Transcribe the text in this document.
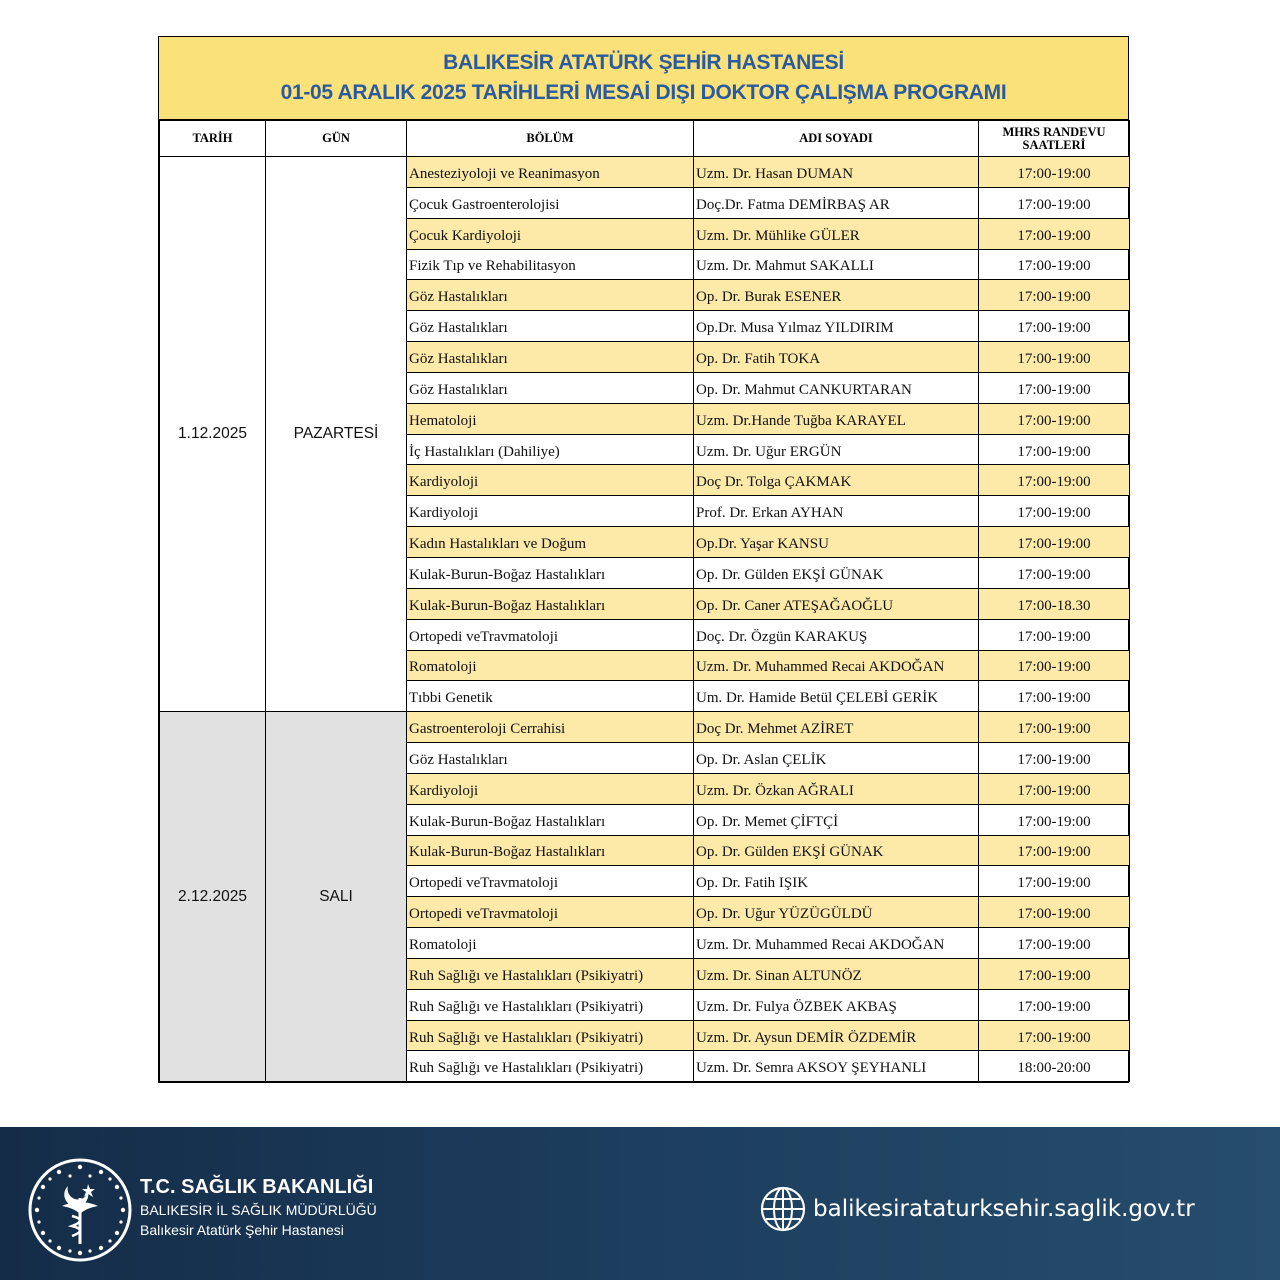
BALIKESİR ATATÜRK ŞEHİR HASTANESİ
01-05 ARALIK 2025 TARİHLERİ MESAİ DIŞI DOKTOR ÇALIŞMA PROGRAMI
TARİH	GÜN	BÖLÜM	ADI SOYADI	MHRS RANDEVU
SAATLERİ
1.12.2025	PAZARTESİ	Anesteziyoloji ve Reanimasyon	Uzm. Dr. Hasan DUMAN	17:00-19:00
		Çocuk Gastroenterolojisi	Doç.Dr. Fatma DEMİRBAŞ AR	17:00-19:00
		Çocuk Kardiyoloji	Uzm. Dr. Mühlike GÜLER	17:00-19:00
		Fizik Tıp ve Rehabilitasyon	Uzm. Dr. Mahmut SAKALLI	17:00-19:00
		Göz Hastalıkları	Op. Dr. Burak ESENER	17:00-19:00
		Göz Hastalıkları	Op.Dr. Musa Yılmaz YILDIRIM	17:00-19:00
		Göz Hastalıkları	Op. Dr. Fatih TOKA	17:00-19:00
		Göz Hastalıkları	Op. Dr. Mahmut CANKURTARAN	17:00-19:00
		Hematoloji	Uzm. Dr.Hande Tuğba KARAYEL	17:00-19:00
		İç Hastalıkları (Dahiliye)	Uzm. Dr. Uğur ERGÜN	17:00-19:00
		Kardiyoloji	Doç Dr. Tolga ÇAKMAK	17:00-19:00
		Kardiyoloji	Prof. Dr. Erkan AYHAN	17:00-19:00
		Kadın Hastalıkları ve Doğum	Op.Dr. Yaşar KANSU	17:00-19:00
		Kulak-Burun-Boğaz Hastalıkları	Op. Dr. Gülden EKŞİ GÜNAK	17:00-19:00
		Kulak-Burun-Boğaz Hastalıkları	Op. Dr. Caner ATEŞAĞAOĞLU	17:00-18.30
		Ortopedi veTravmatoloji	Doç. Dr. Özgün KARAKUŞ	17:00-19:00
		Romatoloji	Uzm. Dr. Muhammed Recai AKDOĞAN	17:00-19:00
		Tıbbi Genetik	Um. Dr. Hamide Betül ÇELEBİ GERİK	17:00-19:00
2.12.2025	SALI	Gastroenteroloji Cerrahisi	Doç Dr. Mehmet AZİRET	17:00-19:00
		Göz Hastalıkları	Op. Dr. Aslan ÇELİK	17:00-19:00
		Kardiyoloji	Uzm. Dr. Özkan AĞRALI	17:00-19:00
		Kulak-Burun-Boğaz Hastalıkları	Op. Dr. Memet ÇİFTÇİ	17:00-19:00
		Kulak-Burun-Boğaz Hastalıkları	Op. Dr. Gülden EKŞİ GÜNAK	17:00-19:00
		Ortopedi veTravmatoloji	Op. Dr. Fatih IŞIK	17:00-19:00
		Ortopedi veTravmatoloji	Op. Dr. Uğur YÜZÜGÜLDÜ	17:00-19:00
		Romatoloji	Uzm. Dr. Muhammed Recai AKDOĞAN	17:00-19:00
		Ruh Sağlığı ve Hastalıkları (Psikiyatri)	Uzm. Dr. Sinan ALTUNÖZ	17:00-19:00
		Ruh Sağlığı ve Hastalıkları (Psikiyatri)	Uzm. Dr. Fulya ÖZBEK AKBAŞ	17:00-19:00
		Ruh Sağlığı ve Hastalıkları (Psikiyatri)	Uzm. Dr. Aysun DEMİR ÖZDEMİR	17:00-19:00
		Ruh Sağlığı ve Hastalıkları (Psikiyatri)	Uzm. Dr. Semra AKSOY ŞEYHANLI	18:00-20:00
T.C. SAĞLIK BAKANLIĞI
BALIKESİR İL SAĞLIK MÜDÜRLÜĞÜ
Balıkesir Atatürk Şehir Hastanesi
balikesirataturksehir.saglik.gov.tr
